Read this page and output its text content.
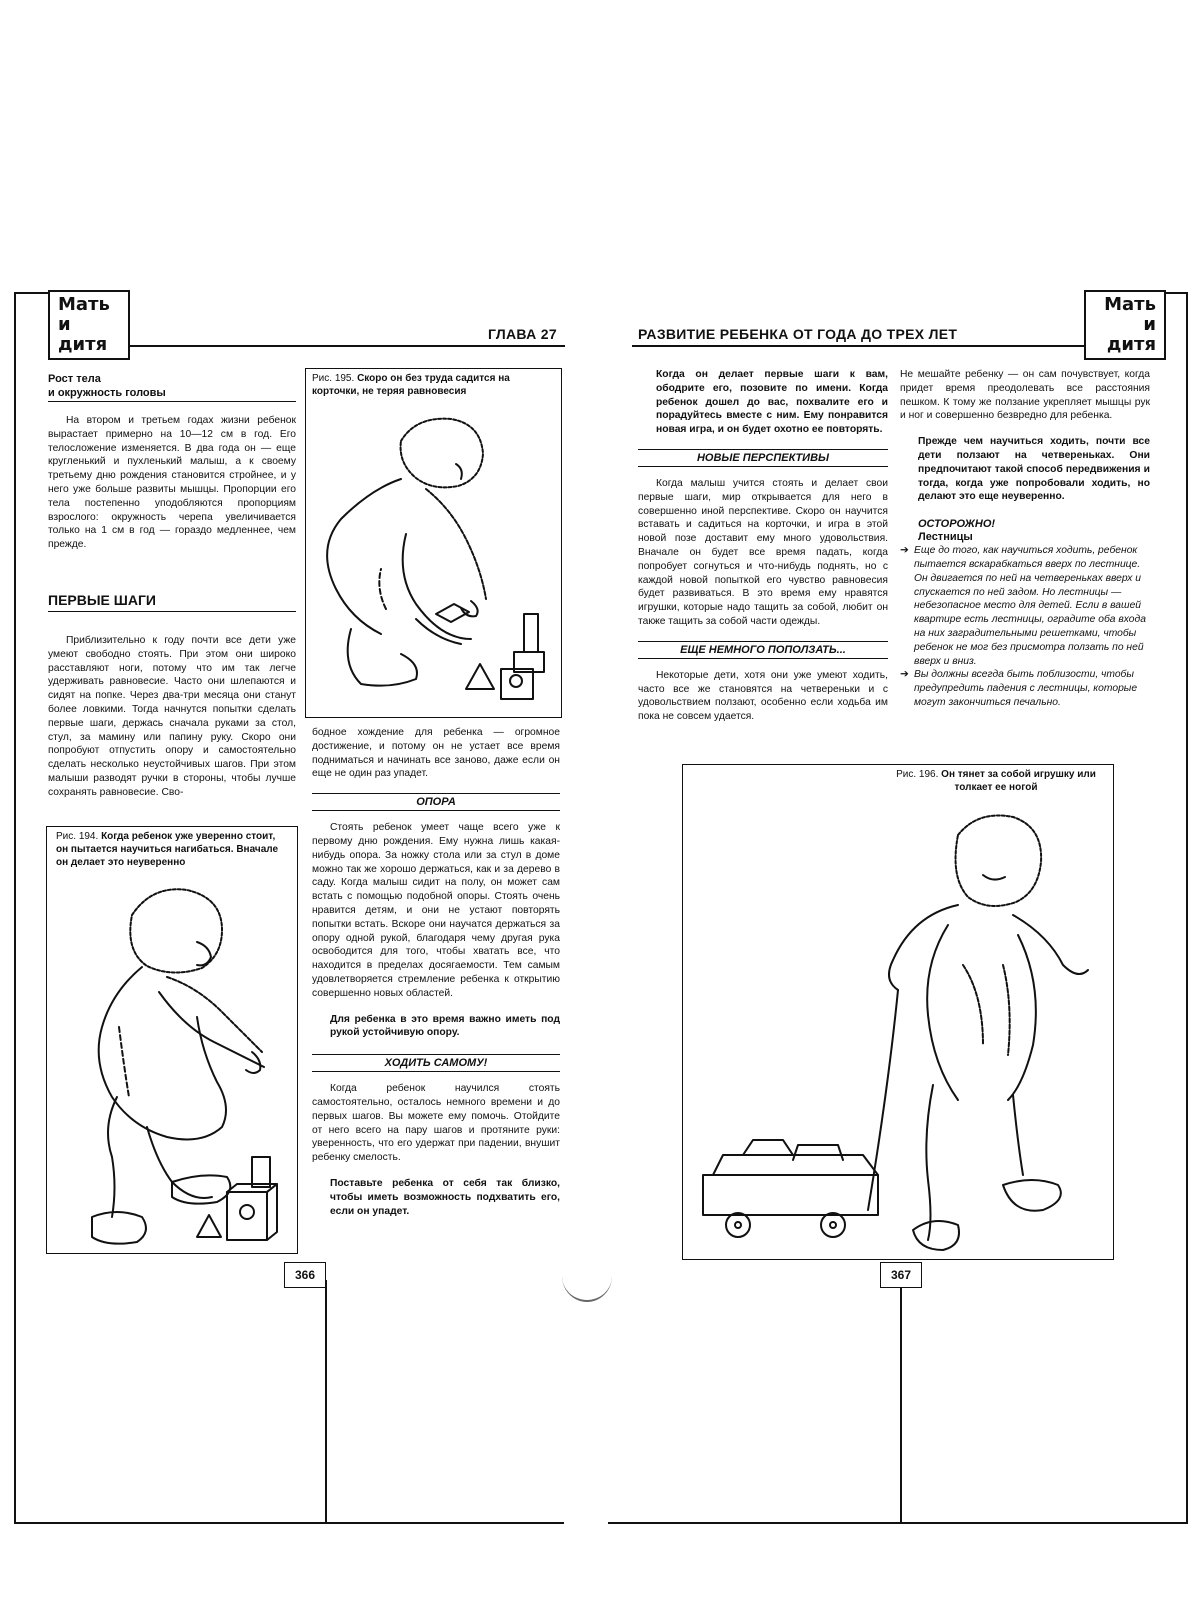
Мать
и дитя
Мать
и дитя
ГЛАВА 27	РАЗВИТИЕ РЕБЕНКА ОТ ГОДА ДО ТРЕХ ЛЕТ
Рост тела
и окружность головы

На втором и третьем годах жизни ребенок вырастает примерно на 10—12 см в год. Его телосложение изменяется. В два года он — еще кругленький и пухленький малыш, а к своему третьему дню рождения становится стройнее, и у него уже больше развиты мышцы. Пропорции его тела постепенно уподобляются пропорциям взрослого: окружность черепа увеличивается только на 1 см в год — гораздо медленнее, чем прежде.

ПЕРВЫЕ ШАГИ

Приблизительно к году почти все дети уже умеют свободно стоять. При этом они широко расставляют ноги, потому что им так легче удерживать равновесие. Часто они шлепаются и сидят на попке. Через два-три месяца они станут более ловкими. Тогда начнутся попытки сделать первые шаги, держась сначала руками за стол, стул, за мамину или папину руку. Скоро они попробуют отпустить опору и самостоятельно сделать несколько неустойчивых шагов. При этом малыши разводят ручки в стороны, чтобы лучше сохранять равновесие. Сво-

Рис. 194. Когда ребенок уже уверенно стоит, он пытается научиться нагибаться. Вначале он делает это неуверенно
Рис. 195. Скоро он без труда садится на корточки, не теряя равновесия

бодное хождение для ребенка — огромное достижение, и потому он не устает все время подниматься и начинать все заново, даже если он еще не один раз упадет.

ОПОРА

Стоять ребенок умеет чаще всего уже к первому дню рождения. Ему нужна лишь какая-нибудь опора. За ножку стола или за стул в доме можно так же хорошо держаться, как и за дерево в саду. Когда малыш сидит на полу, он может сам встать с помощью подобной опоры. Стоять очень нравится детям, и они не устают повторять попытки встать. Вскоре они научатся держаться за опору одной рукой, благодаря чему другая рука освободится для того, чтобы хватать все, что находится в пределах досягаемости. Тем самым удовлетворяется стремление ребенка к открытию совершенно новых областей.

Для ребенка в это время важно иметь под рукой устойчивую опору.

ХОДИТЬ САМОМУ!

Когда ребенок научился стоять самостоятельно, осталось немного времени и до первых шагов. Вы можете ему помочь. Отойдите от него всего на пару шагов и протяните руки: уверенность, что его удержат при падении, внушит ребенку смелость.

Поставьте ребенка от себя так близко, чтобы иметь возможность подхватить его, если он упадет.

366

Когда он делает первые шаги к вам, ободрите его, позовите по имени. Когда ребенок дошел до вас, похвалите его и порадуйтесь вместе с ним. Ему понравится новая игра, и он будет охотно ее повторять.

НОВЫЕ ПЕРСПЕКТИВЫ

Когда малыш учится стоять и делает свои первые шаги, мир открывается для него в совершенно иной перспективе. Скоро он научится вставать и садиться на корточки, и игра в этой новой позе доставит ему много удовольствия. Вначале он будет все время падать, когда попробует согнуться и что-нибудь поднять, но с каждой новой попыткой его чувство равновесия будет развиваться. В это время ему нравятся игрушки, которые надо тащить за собой, любит он также тащить за собой части одежды.

ЕЩЕ НЕМНОГО ПОПОЛЗАТЬ...

Некоторые дети, хотя они уже умеют ходить, часто все же становятся на четвереньки и с удовольствием ползают, особенно если ходьба им пока не совсем удается.

Не мешайте ребенку — он сам почувствует, когда придет время преодолевать все расстояния пешком. К тому же ползание укрепляет мышцы рук и ног и совершенно безвредно для ребенка.

Прежде чем научиться ходить, почти все дети ползают на четвереньках. Они предпочитают такой способ передвижения и тогда, когда уже попробовали ходить, но делают это еще неуверенно.

ОСТОРОЖНО!
Лестницы
➔ Еще до того, как научиться ходить, ребенок пытается вскарабкаться вверх по лестнице. Он двигается по ней на четвереньках вверх и спускается по ней задом. Но лестницы — небезопасное место для детей. Если в вашей квартире есть лестницы, оградите оба входа на них заградительными решетками, чтобы ребенок не мог без присмотра ползать по ней вверх и вниз.
➔ Вы должны всегда быть поблизости, чтобы предупредить падения с лестницы, которые могут закончиться печально.
Рис. 196. Он тянет за собой игрушку или толкает ее ногой
367
